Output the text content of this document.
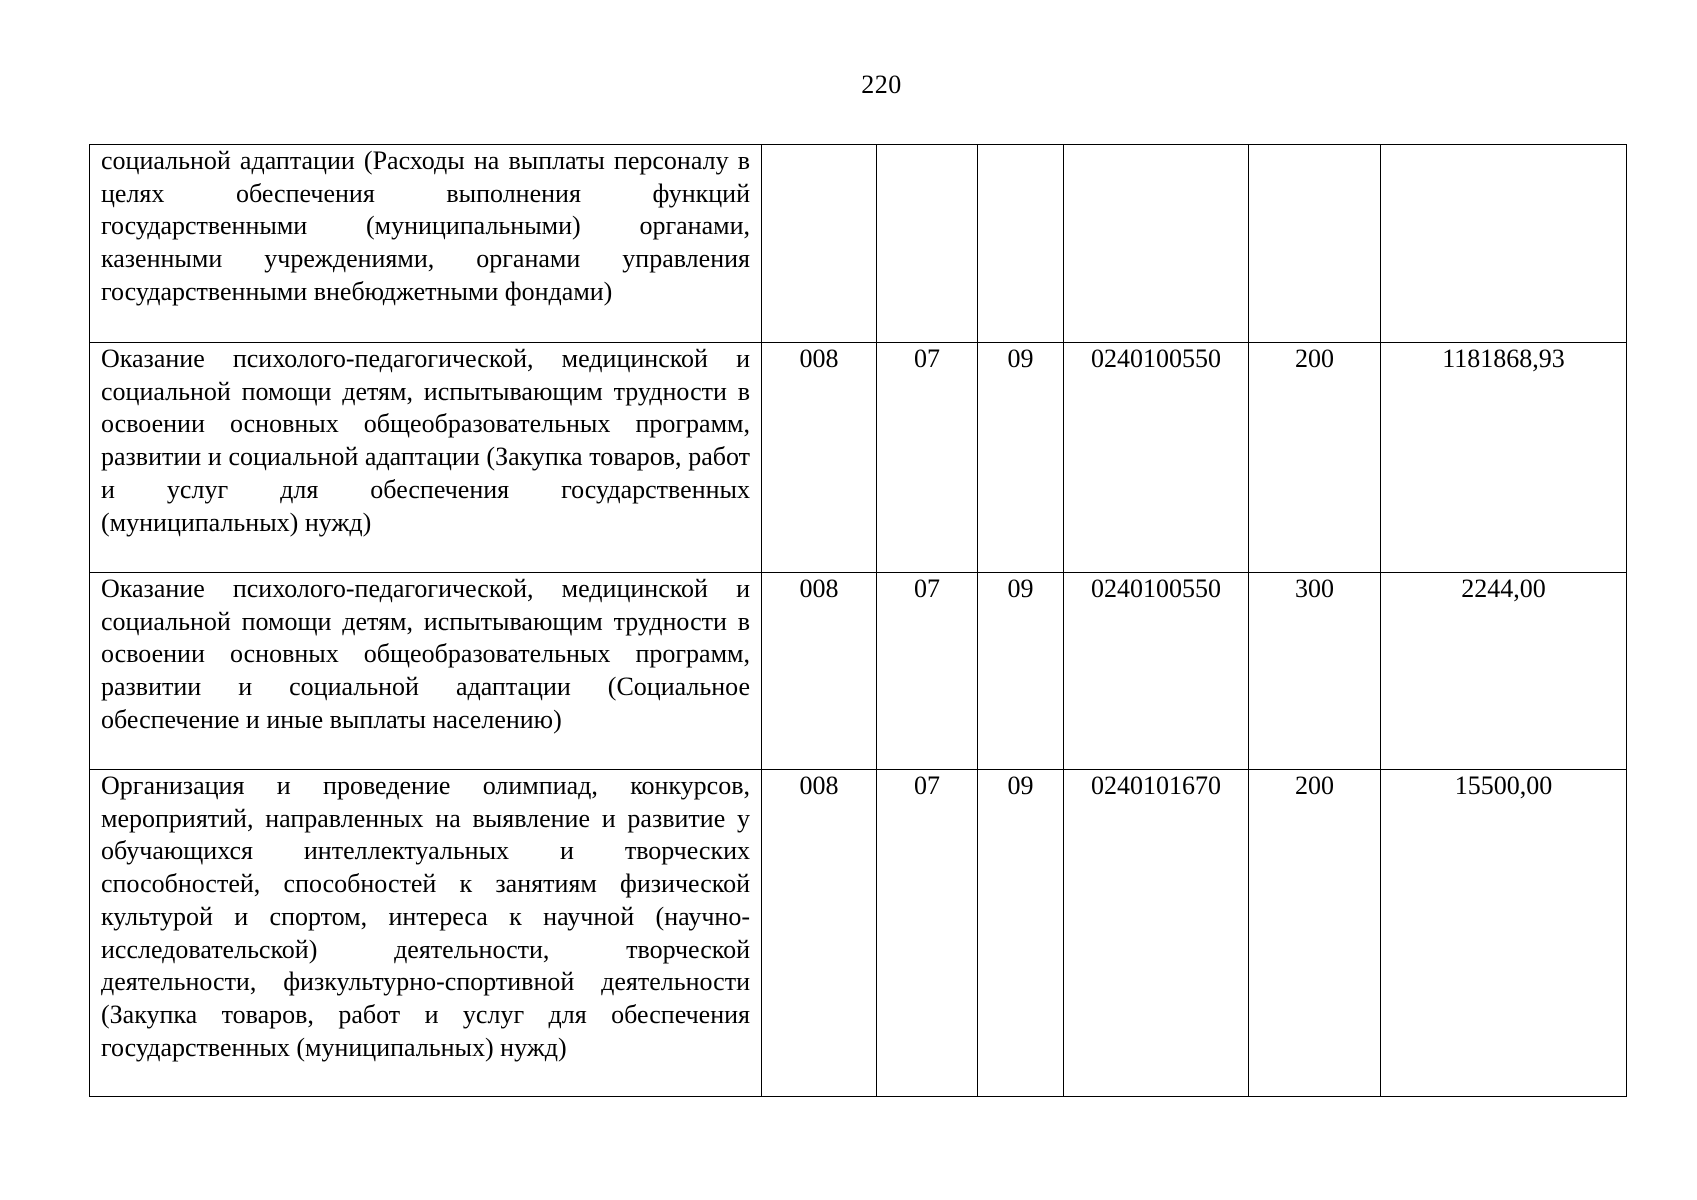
220
социальной адаптации (Расходы на выплаты персоналу в целях обеспечения выполнения функций государственными (муниципальными) органами, казенными учреждениями, органами управления государственными внебюджетными фондами)						
Оказание психолого-педагогической, медицинской и социальной помощи детям, испытывающим трудности в освоении основных общеобразовательных программ, развитии и социальной адаптации (Закупка товаров, работ и услуг для обеспечения государственных (муниципальных) нужд)	008	07	09	0240100550	200	1181868,93
Оказание психолого-педагогической, медицинской и социальной помощи детям, испытывающим трудности в освоении основных общеобразовательных программ, развитии и социальной адаптации (Социальное обеспечение и иные выплаты населению)	008	07	09	0240100550	300	2244,00
Организация и проведение олимпиад, конкурсов, мероприятий, направленных на выявление и развитие у обучающихся интеллектуальных и творческих способностей, способностей к занятиям физической культурой и спортом, интереса к научной (научно-исследовательской) деятельности, творческой деятельности, физкультурно-спортивной деятельности (Закупка товаров, работ и услуг для обеспечения государственных (муниципальных) нужд)	008	07	09	0240101670	200	15500,00
